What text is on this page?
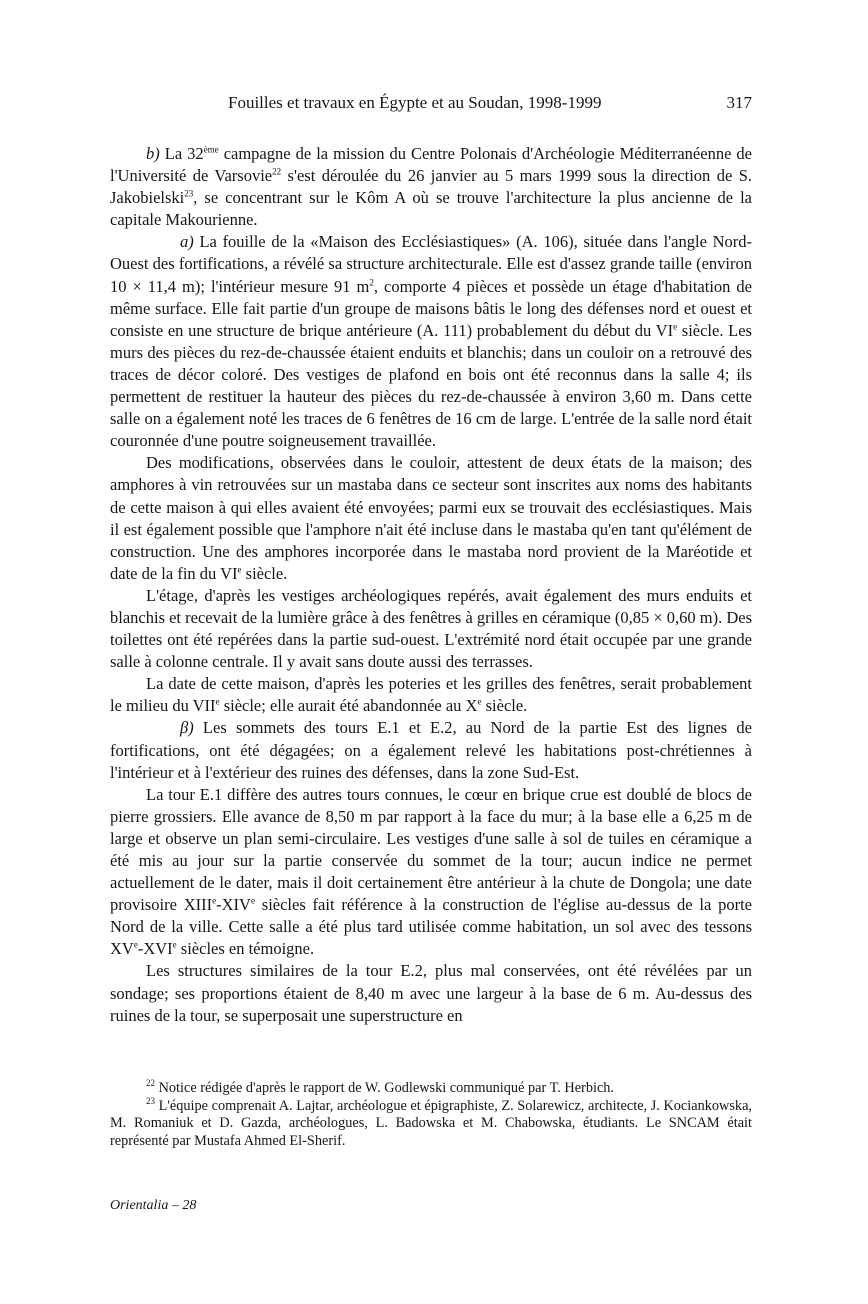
Fouilles et travaux en Égypte et au Soudan, 1998-1999	317

b) La 32ème campagne de la mission du Centre Polonais d'Archéologie Méditerranéenne de l'Université de Varsovie$^{22}$ s'est déroulée du 26 janvier au 5 mars 1999 sous la direction de S. Jakobielski$^{23}$, se concentrant sur le Kôm A où se trouve l'architecture la plus ancienne de la capitale Makourienne.

a) La fouille de la «Maison des Ecclésiastiques» (A. 106), située dans l'angle Nord-Ouest des fortifications, a révélé sa structure architecturale. Elle est d'assez grande taille (environ 10 × 11,4 m); l'intérieur mesure 91 $m^2$, comporte 4 pièces et possède un étage d'habitation de même surface. Elle fait partie d'un groupe de maisons bâtis le long des défenses nord et ouest et consiste en une structure de brique antérieure (A. 111) probablement du début du VIe siècle. Les murs des pièces du rez-de-chaussée étaient enduits et blanchis; dans un couloir on a retrouvé des traces de décor coloré. Des vestiges de plafond en bois ont été reconnus dans la salle 4; ils permettent de restituer la hauteur des pièces du rez-de-chaussée à environ 3,60 m. Dans cette salle on a également noté les traces de 6 fenêtres de 16 cm de large. L'entrée de la salle nord était couronnée d'une poutre soigneusement travaillée.

Des modifications, observées dans le couloir, attestent de deux états de la maison; des amphores à vin retrouvées sur un mastaba dans ce secteur sont inscrites aux noms des habitants de cette maison à qui elles avaient été envoyées; parmi eux se trouvait des ecclésiastiques. Mais il est également possible que l'amphore n'ait été incluse dans le mastaba qu'en tant qu'élément de construction. Une des amphores incorporée dans le mastaba nord provient de la Maréotide et date de la fin du VIe siècle.

L'étage, d'après les vestiges archéologiques repérés, avait également des murs enduits et blanchis et recevait de la lumière grâce à des fenêtres à grilles en céramique (0,85 × 0,60 m). Des toilettes ont été repérées dans la partie sud-ouest. L'extrémité nord était occupée par une grande salle à colonne centrale. Il y avait sans doute aussi des terrasses.

La date de cette maison, d'après les poteries et les grilles des fenêtres, serait probablement le milieu du VIIe siècle; elle aurait été abandonnée au Xe siècle.

β) Les sommets des tours E.1 et E.2, au Nord de la partie Est des lignes de fortifications, ont été dégagées; on a également relevé les habitations post-chrétiennes à l'intérieur et à l'extérieur des ruines des défenses, dans la zone Sud-Est.

La tour E.1 diffère des autres tours connues, le cœur en brique crue est doublé de blocs de pierre grossiers. Elle avance de 8,50 m par rapport à la face du mur; à la base elle a 6,25 m de large et observe un plan semi-circulaire. Les vestiges d'une salle à sol de tuiles en céramique a été mis au jour sur la partie conservée du sommet de la tour; aucun indice ne permet actuellement de le dater, mais il doit certainement être antérieur à la chute de Dongola; une date provisoire XIIIe-XIVe siècles fait référence à la construction de l'église au-dessus de la porte Nord de la ville. Cette salle a été plus tard utilisée comme habitation, un sol avec des tessons XVe-XVIe siècles en témoigne.

Les structures similaires de la tour E.2, plus mal conservées, ont été révélées par un sondage; ses proportions étaient de 8,40 m avec une largeur à la base de 6 m. Au-dessus des ruines de la tour, se superposait une superstructure en

$^{22}$ Notice rédigée d'après le rapport de W. Godlewski communiqué par T. Herbich.

$^{23}$ L'équipe comprenait A. Lajtar, archéologue et épigraphiste, Z. Solarewicz, architecte, J. Kociankowska, M. Romaniuk et D. Gazda, archéologues, L. Badowska et M. Chabowska, étudiants. Le SNCAM était représenté par Mustafa Ahmed El-Sherif.

Orientalia – 28
